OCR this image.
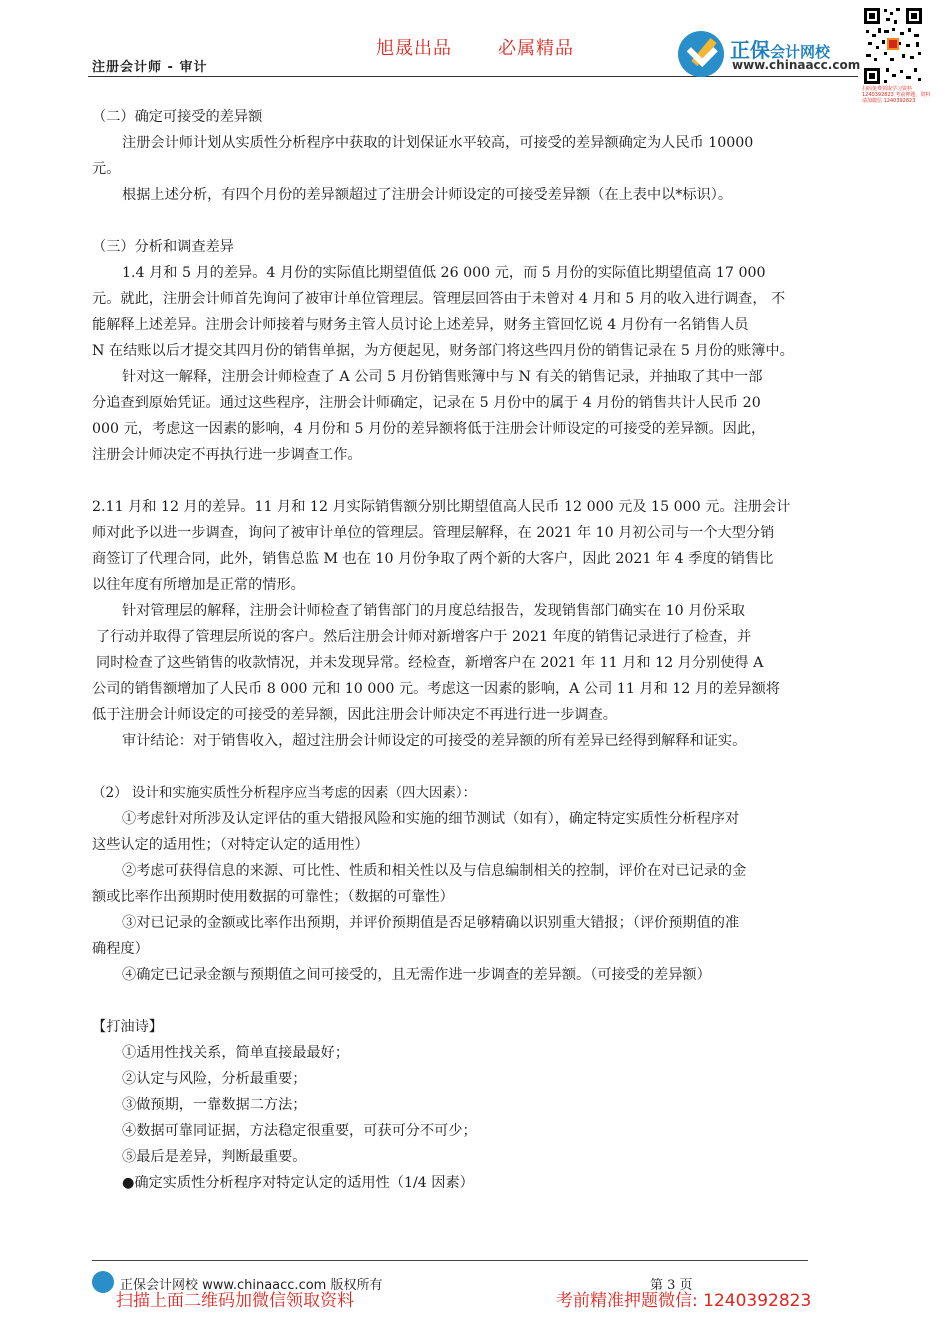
旭晟出品	必属精品
注册会计师 - 审计
正保会计网校
www.chinaacc.com
扫码免费领取学习资料 1240392823 考前押题、资料请加微信 1240392823
（二）确定可接受的差异额
注册会计师计划从实质性分析程序中获取的计划保证水平较高，可接受的差异额确定为人民币 10000
元。
根据上述分析，有四个月份的差异额超过了注册会计师设定的可接受差异额（在上表中以*标识）。
（三）分析和调查差异
1.4 月和 5 月的差异。4 月份的实际值比期望值低 26 000 元，而 5 月份的实际值比期望值高 17 000
元。就此，注册会计师首先询问了被审计单位管理层。管理层回答由于未曾对 4 月和 5 月的收入进行调查， 不
能解释上述差异。注册会计师接着与财务主管人员讨论上述差异，财务主管回忆说 4 月份有一名销售人员
N 在结账以后才提交其四月份的销售单据，为方便起见，财务部门将这些四月份的销售记录在 5 月份的账簿中。
针对这一解释，注册会计师检查了 A 公司 5 月份销售账簿中与 N 有关的销售记录，并抽取了其中一部
分追查到原始凭证。通过这些程序，注册会计师确定，记录在 5 月份中的属于 4 月份的销售共计人民币 20
000 元，考虑这一因素的影响，4 月份和 5 月份的差异额将低于注册会计师设定的可接受的差异额。因此，
注册会计师决定不再执行进一步调查工作。
2.11 月和 12 月的差异。11 月和 12 月实际销售额分别比期望值高人民币 12 000 元及 15 000 元。注册会计
师对此予以进一步调查，询问了被审计单位的管理层。管理层解释，在 2021 年 10 月初公司与一个大型分销
商签订了代理合同，此外，销售总监 M 也在 10 月份争取了两个新的大客户，因此 2021 年 4 季度的销售比
以往年度有所增加是正常的情形。
针对管理层的解释，注册会计师检查了销售部门的月度总结报告，发现销售部门确实在 10 月份采取
了行动并取得了管理层所说的客户。然后注册会计师对新增客户于 2021 年度的销售记录进行了检查，并
同时检查了这些销售的收款情况，并未发现异常。经检查，新增客户在 2021 年 11 月和 12 月分别使得 A
公司的销售额增加了人民币 8 000 元和 10 000 元。考虑这一因素的影响，A 公司 11 月和 12 月的差异额将
低于注册会计师设定的可接受的差异额，因此注册会计师决定不再进行进一步调查。
审计结论：对于销售收入，超过注册会计师设定的可接受的差异额的所有差异已经得到解释和证实。
（2） 设计和实施实质性分析程序应当考虑的因素（四大因素）：
①考虑针对所涉及认定评估的重大错报风险和实施的细节测试（如有），确定特定实质性分析程序对
这些认定的适用性；（对特定认定的适用性）
②考虑可获得信息的来源、可比性、性质和相关性以及与信息编制相关的控制，评价在对已记录的金
额或比率作出预期时使用数据的可靠性；（数据的可靠性）
③对已记录的金额或比率作出预期，并评价预期值是否足够精确以识别重大错报；（评价预期值的准
确程度）
④确定已记录金额与预期值之间可接受的，且无需作进一步调查的差异额。（可接受的差异额）
【打油诗】
①适用性找关系，简单直接最最好；
②认定与风险，分析最重要；
③做预期，一靠数据二方法；
④数据可靠同证据，方法稳定很重要，可获可分不可少；
⑤最后是差异，判断最重要。
●确定实质性分析程序对特定认定的适用性（1/4 因素）
正保会计网校 www.chinaacc.com 版权所有	第 3 页
扫描上面二维码加微信领取资料	考前精准押题微信: 1240392823
